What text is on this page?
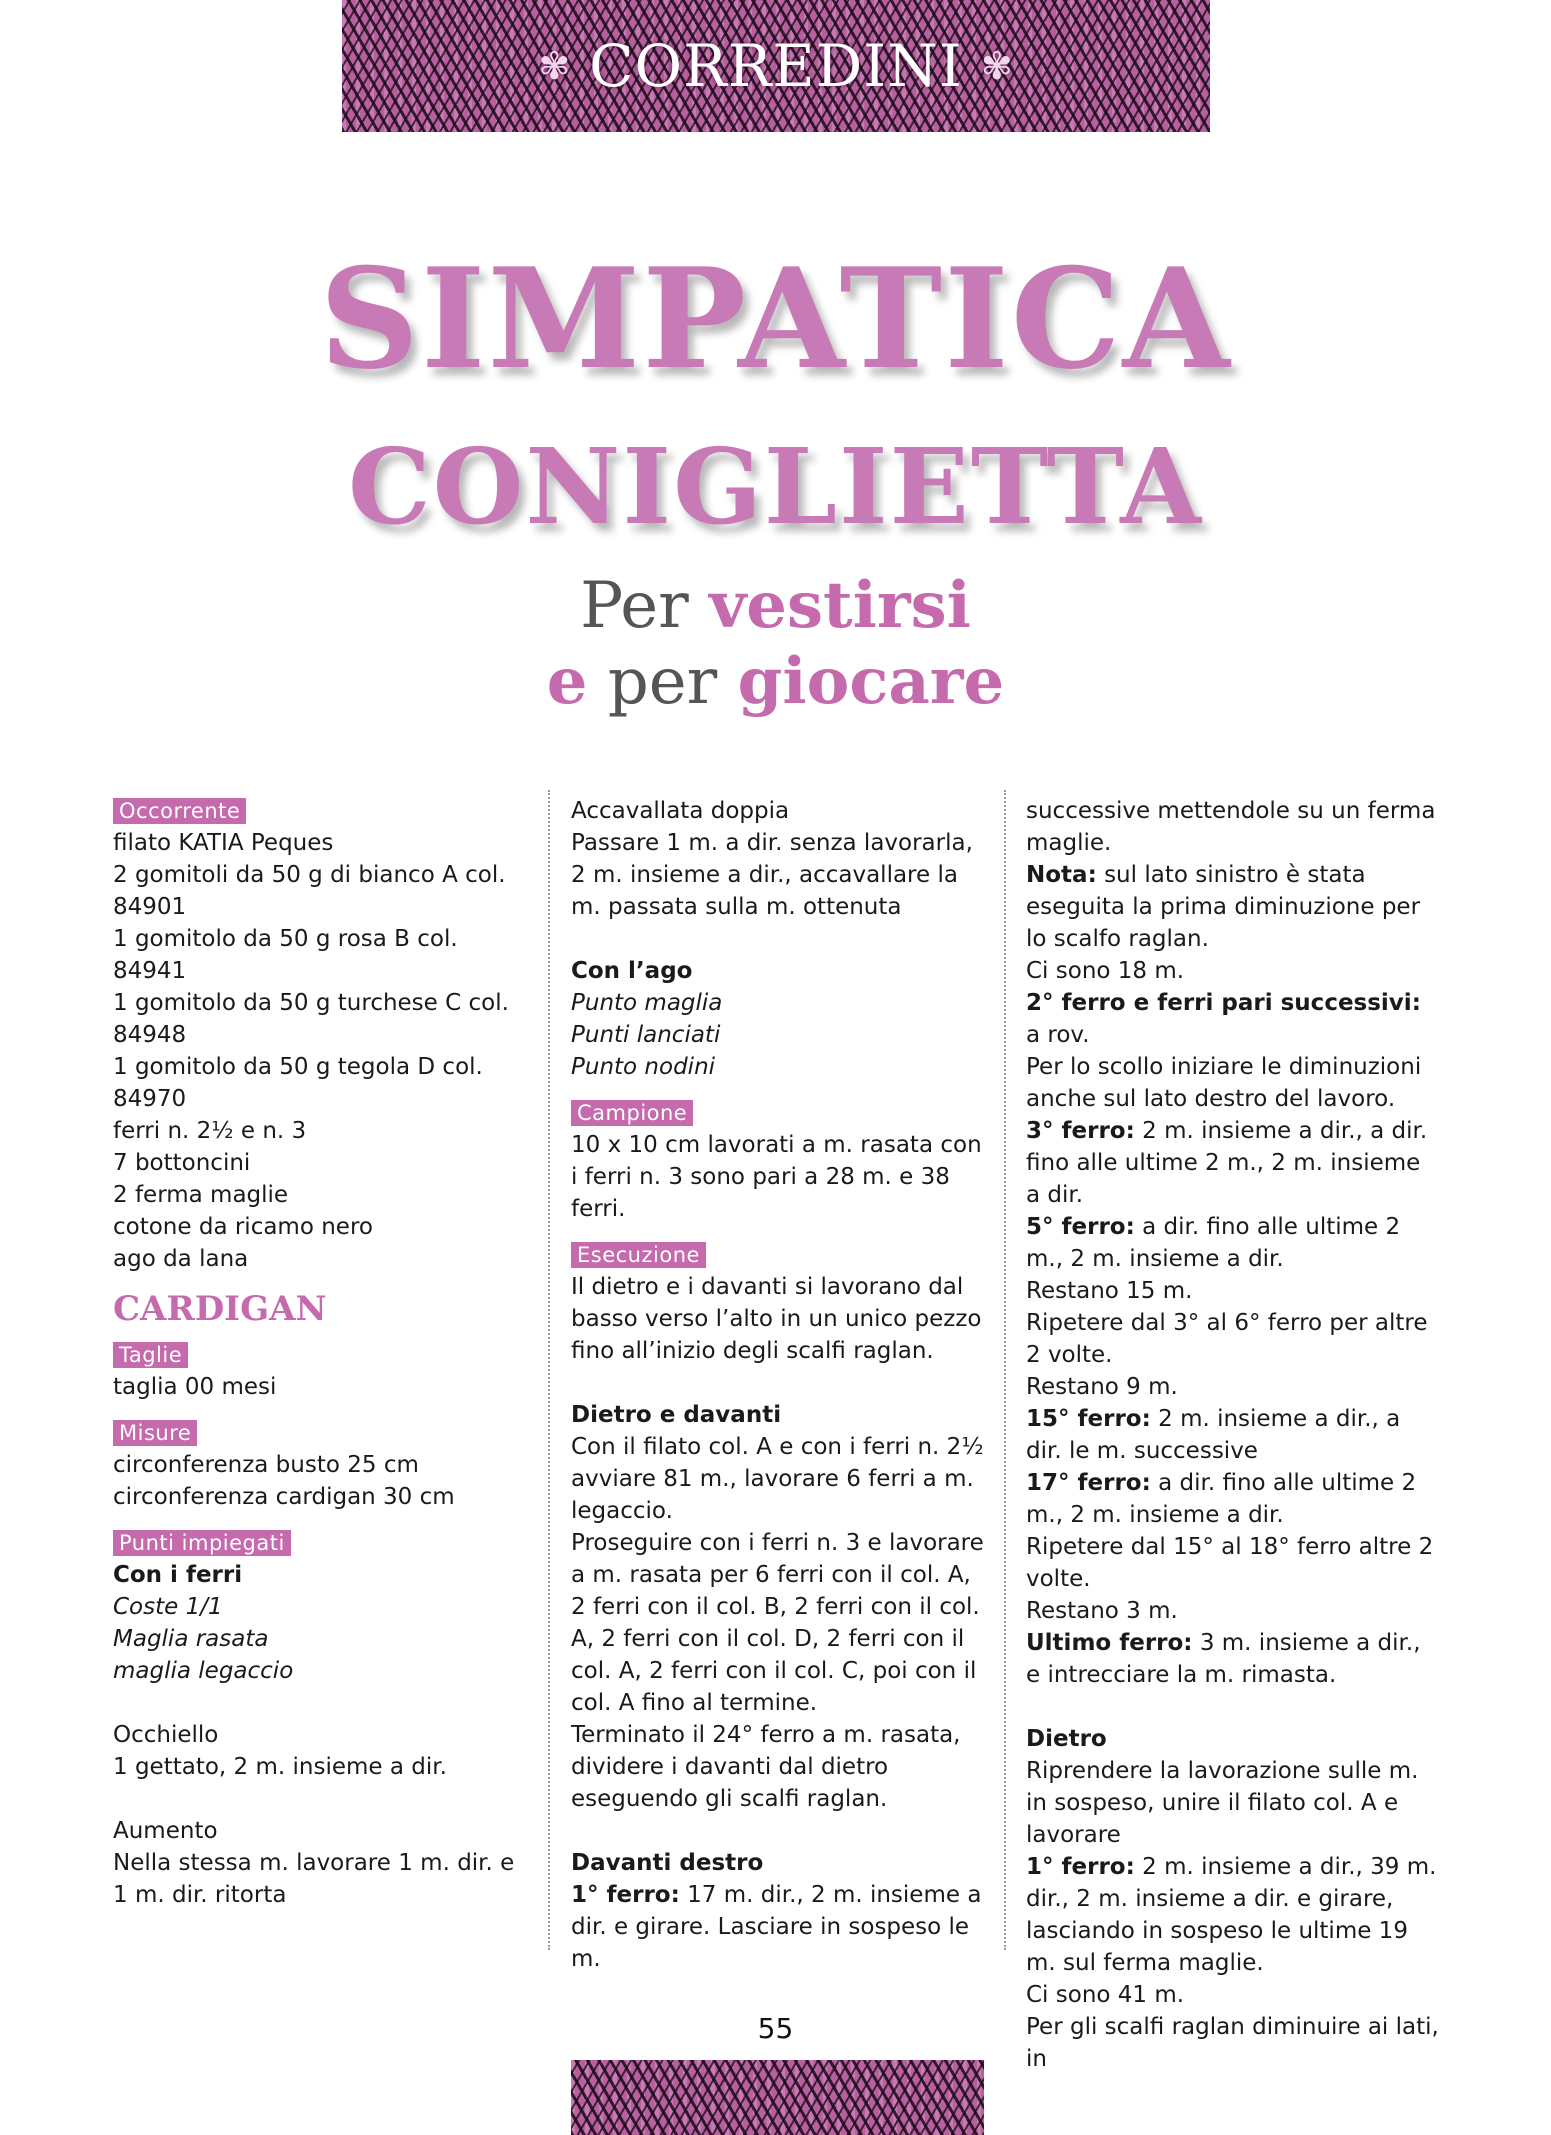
✾ CORREDINI ✾
SIMPATICA
CONIGLIETTA
Per vestirsi
e per giocare
Occorrente

filato KATIA Peques

2 gomitoli da 50 g di bianco A col. 84901

1 gomitolo da 50 g rosa B col. 84941

1 gomitolo da 50 g turchese C col. 84948

1 gomitolo da 50 g tegola D col. 84970

ferri n. 2½ e n. 3

7 bottoncini

2 ferma maglie

cotone da ricamo nero

ago da lana

CARDIGAN
Taglie

taglia 00 mesi

Misure

circonferenza busto 25 cm

circonferenza cardigan 30 cm

Punti impiegati

Con i ferri

Coste 1/1

Maglia rasata

maglia legaccio

Occhiello

1 gettato, 2 m. insieme a dir.

Aumento

Nella stessa m. lavorare 1 m. dir. e 1 m. dir. ritorta

Accavallata doppia

Passare 1 m. a dir. senza lavorarla, 2 m. insieme a dir., accavallare la m. passata sulla m. ottenuta

Con l’ago

Punto maglia

Punti lanciati

Punto nodini

Campione

10 x 10 cm lavorati a m. rasata con i ferri n. 3 sono pari a 28 m. e 38 ferri.

Esecuzione

Il dietro e i davanti si lavorano dal basso verso l’alto in un unico pezzo fino all’inizio degli scalfi raglan.

Dietro e davanti

Con il filato col. A e con i ferri n. 2½ avviare 81 m., lavorare 6 ferri a m. legaccio.

Proseguire con i ferri n. 3 e lavorare a m. rasata per 6 ferri con il col. A, 2 ferri con il col. B, 2 ferri con il col. A, 2 ferri con il col. D, 2 ferri con il col. A, 2 ferri con il col. C, poi con il col. A fino al termine.

Terminato il 24° ferro a m. rasata, dividere i davanti dal dietro eseguendo gli scalfi raglan.

Davanti destro

1° ferro: 17 m. dir., 2 m. insieme a dir. e girare. Lasciare in sospeso le m.

successive mettendole su un ferma maglie.

Nota: sul lato sinistro è stata eseguita la prima diminuzione per lo scalfo raglan.

Ci sono 18 m.

2° ferro e ferri pari successivi: a rov.

Per lo scollo iniziare le diminuzioni anche sul lato destro del lavoro.

3° ferro: 2 m. insieme a dir., a dir. fino alle ultime 2 m., 2 m. insieme a dir.

5° ferro: a dir. fino alle ultime 2 m., 2 m. insieme a dir.

Restano 15 m.

Ripetere dal 3° al 6° ferro per altre 2 volte.

Restano 9 m.

15° ferro: 2 m. insieme a dir., a dir. le m. successive

17° ferro: a dir. fino alle ultime 2 m., 2 m. insieme a dir.

Ripetere dal 15° al 18° ferro altre 2 volte.

Restano 3 m.

Ultimo ferro: 3 m. insieme a dir., e intrecciare la m. rimasta.

Dietro

Riprendere la lavorazione sulle m. in sospeso, unire il filato col. A e lavorare

1° ferro: 2 m. insieme a dir., 39 m. dir., 2 m. insieme a dir. e girare, lasciando in sospeso le ultime 19 m. sul ferma maglie.

Ci sono 41 m.

Per gli scalfi raglan diminuire ai lati, in

55
